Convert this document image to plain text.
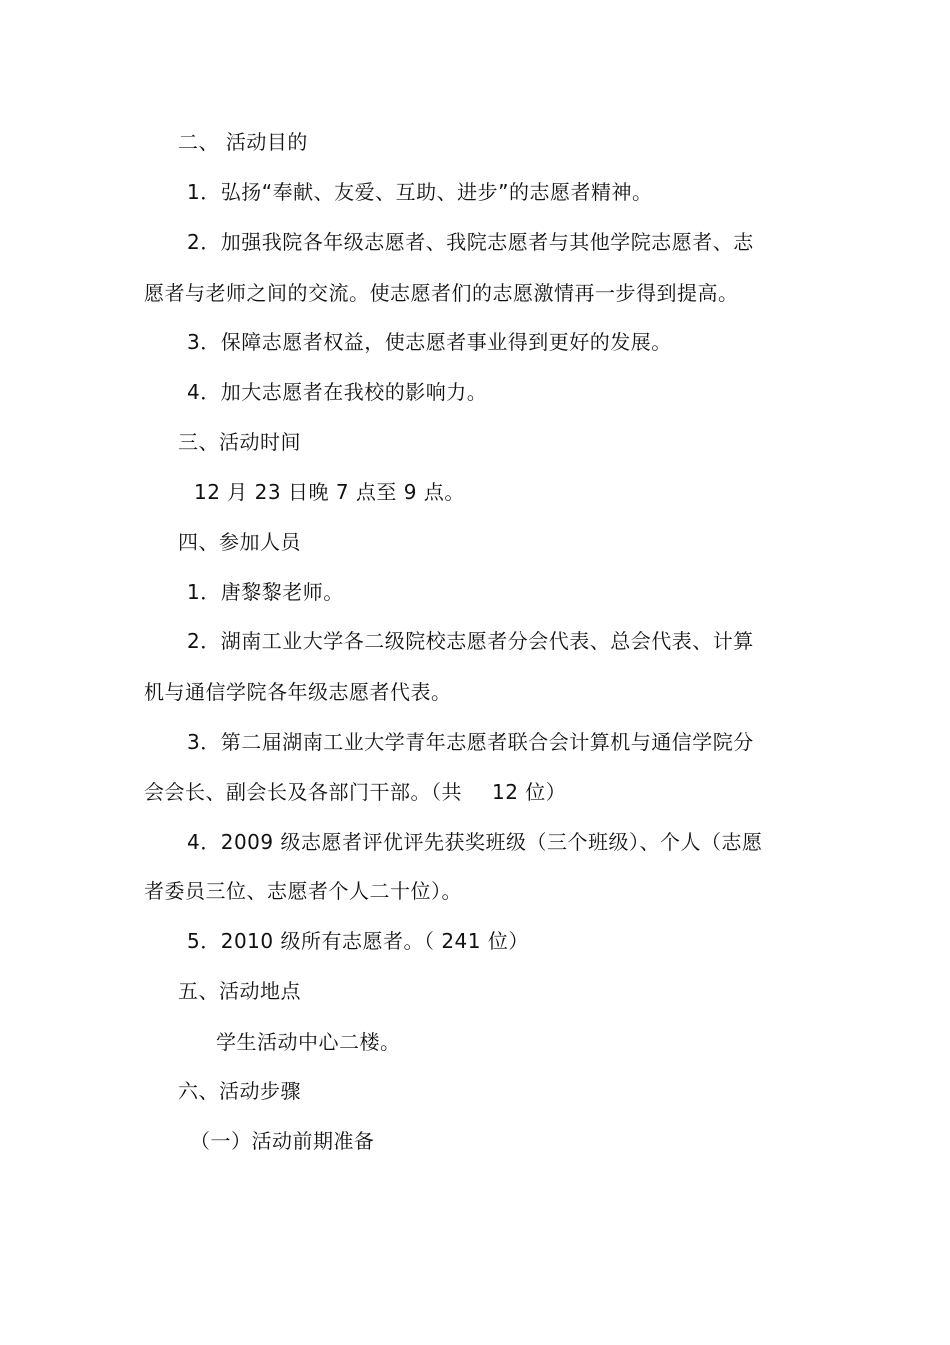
二、 活动目的
1．弘扬“奉献、友爱、互助、进步”的志愿者精神。
2．加强我院各年级志愿者、我院志愿者与其他学院志愿者、志
愿者与老师之间的交流。使志愿者们的志愿激情再一步得到提高。
3．保障志愿者权益，使志愿者事业得到更好的发展。
4．加大志愿者在我校的影响力。
三、活动时间
12 月 23 日晚 7 点至 9 点。
四、参加人员
1．唐黎黎老师。
2．湖南工业大学各二级院校志愿者分会代表、总会代表、计算
机与通信学院各年级志愿者代表。
3．第二届湖南工业大学青年志愿者联合会计算机与通信学院分
会会长、副会长及各部门干部。（共 12 位）
4．2009 级志愿者评优评先获奖班级（三个班级）、个人（志愿
者委员三位、志愿者个人二十位）。
5．2010 级所有志愿者。（ 241 位）
五、活动地点
学生活动中心二楼。
六、活动步骤
（一）活动前期准备
